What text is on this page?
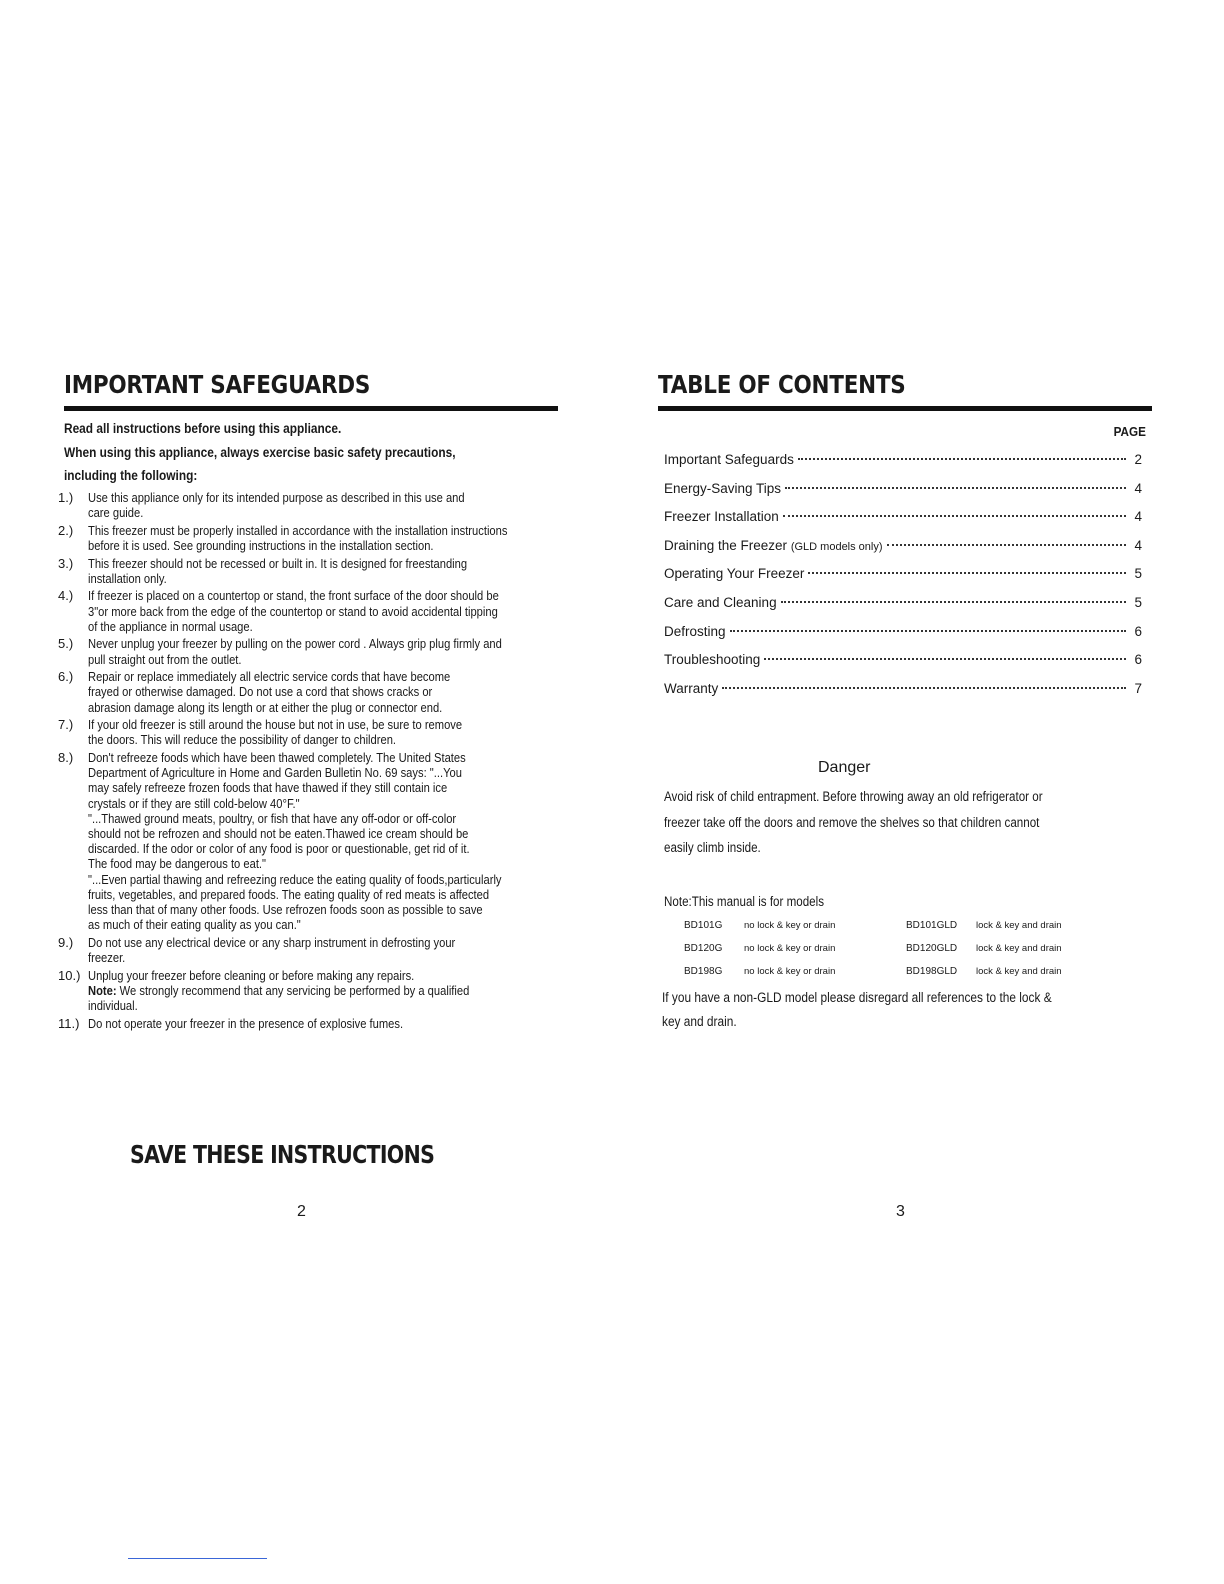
IMPORTANT SAFEGUARDS
Read all instructions before using this appliance.
When using this appliance, always exercise basic safety precautions,
including the following:
1.) Use this appliance only for its intended purpose as described in this use and
care guide.
2.) This freezer must be properly installed in accordance with the installation instructions
before it is used. See grounding instructions in the installation section.
3.) This freezer should not be recessed or built in. It is designed for freestanding
installation only.
4.) If freezer is placed on a countertop or stand, the front surface of the door should be
3"or more back from the edge of the countertop or stand to avoid accidental tipping
of the appliance in normal usage.
5.) Never unplug your freezer by pulling on the power cord . Always grip plug firmly and
pull straight out from the outlet.
6.) Repair or replace immediately all electric service cords that have become
frayed or otherwise damaged. Do not use a cord that shows cracks or
abrasion damage along its length or at either the plug or connector end.
7.) If your old freezer is still around the house but not in use, be sure to remove
the doors. This will reduce the possibility of danger to children.
8.) Don't refreeze foods which have been thawed completely. The United States
Department of Agriculture in Home and Garden Bulletin No. 69 says: "...You
may safely refreeze frozen foods that have thawed if they still contain ice
crystals or if they are still cold-below 40°F."
"...Thawed ground meats, poultry, or fish that have any off-odor or off-color
should not be refrozen and should not be eaten.Thawed ice cream should be
discarded. If the odor or color of any food is poor or questionable, get rid of it.
The food may be dangerous to eat."
"...Even partial thawing and refreezing reduce the eating quality of foods,particularly
fruits, vegetables, and prepared foods. The eating quality of red meats is affected
less than that of many other foods. Use refrozen foods soon as possible to save
as much of their eating quality as you can."
9.) Do not use any electrical device or any sharp instrument in defrosting your
freezer.
10.) Unplug your freezer before cleaning or before making any repairs.
Note: We strongly recommend that any servicing be performed by a qualified
individual.
11.) Do not operate your freezer in the presence of explosive fumes.
SAVE THESE INSTRUCTIONS
2
TABLE OF CONTENTS
PAGE
Important Safeguards	2
Energy-Saving Tips	4
Freezer Installation	4
Draining the Freezer (GLD models only)	4
Operating Your Freezer	5
Care and Cleaning	5
Defrosting	6
Troubleshooting	6
Warranty	7
Danger
Avoid risk of child entrapment. Before throwing away an old refrigerator or
freezer take off the doors and remove the shelves so that children cannot
easily climb inside.
Note:This manual is for models
BD101G no lock & key or drain	BD101GLD lock & key and drain
BD120G no lock & key or drain	BD120GLD lock & key and drain
BD198G no lock & key or drain	BD198GLD lock & key and drain
If you have a non-GLD model please disregard all references to the lock &
key and drain.
3
